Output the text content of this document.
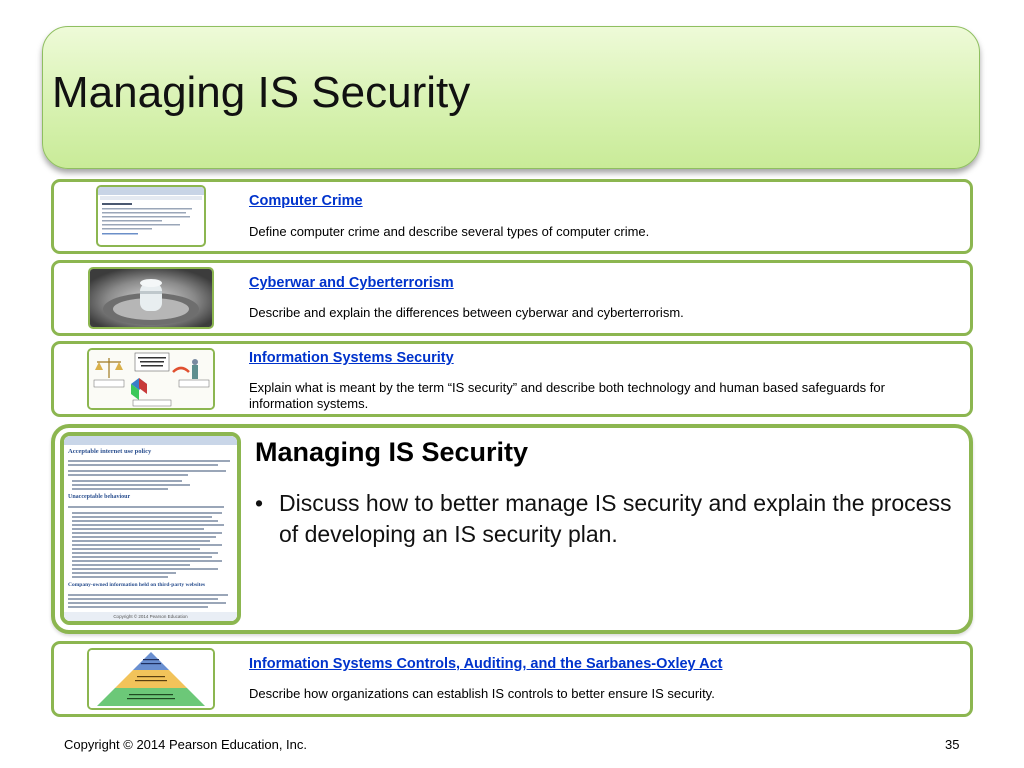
Managing IS Security
Computer Crime
Define computer crime and describe several types of computer crime.
Cyberwar and Cyberterrorism
Describe and explain the differences between cyberwar and cyberterrorism.
Information Systems Security
Explain what is meant by the term “IS security” and describe both technology and human based safeguards for information systems.
Acceptable internet use policy
Unacceptable behaviour
Company-owned information held on third-party websites
Copyright © 2014 Pearson Education
Managing IS Security
• Discuss how to better manage IS security and explain the process of developing an IS security plan.
Information Systems Controls, Auditing, and the Sarbanes-Oxley Act
Describe how organizations can establish IS controls to better ensure IS security.
Copyright © 2014 Pearson Education, Inc.	35
